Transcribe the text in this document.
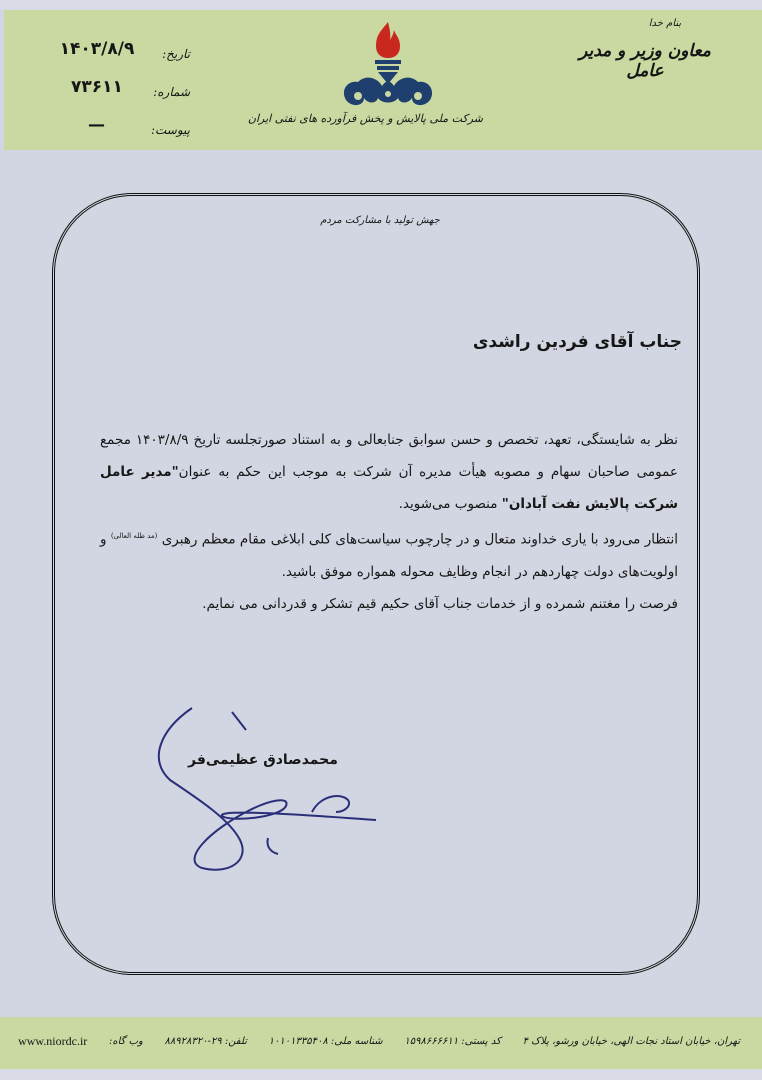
بنام خدا
معاون وزیر و مدیر عامل
شرکت ملی پالایش و پخش فرآورده های نفتی ایران
تاریخ:
۱۴۰۳/۸/۹
شماره:
۷۳۶۱۱
پیوست:
—
جهش تولید با مشارکت مردم
جناب آقای فردین راشدی

نظر به شایستگی، تعهد، تخصص و حسن سوابق جنابعالی و به استناد صورتجلسه تاریخ ۱۴۰۳/۸/۹ مجمع عمومی صاحبان سهام و مصوبه هیأت مدیره آن شرکت به موجب این حکم به عنوان"مدیر عامل شرکت پالایش نفت آبادان" منصوب می‌شوید.

انتظار می‌رود با یاری خداوند متعال و در چارچوب سیاست‌های کلی ابلاغی مقام معظم رهبری $^{(مد ظله العالی)}$ و اولویت‌های دولت چهاردهم در انجام وظایف محوله همواره موفق باشید.

فرصت را مغتنم شمرده و از خدمات جناب آقای حکیم قیم تشکر و قدردانی می نمایم.

محمدصادق عظیمی‌فر
تهران، خیابان استاد نجات الهی، خیابان ورشو، پلاک ۴
کد پستی: ۱۵۹۸۶۶۶۶۱۱
شناسه ملی: ۱۰۱۰۱۳۳۵۴۰۸
تلفن: ۲۹-۸۸۹۲۸۳۲۰
وب گاه:
www.niordc.ir
